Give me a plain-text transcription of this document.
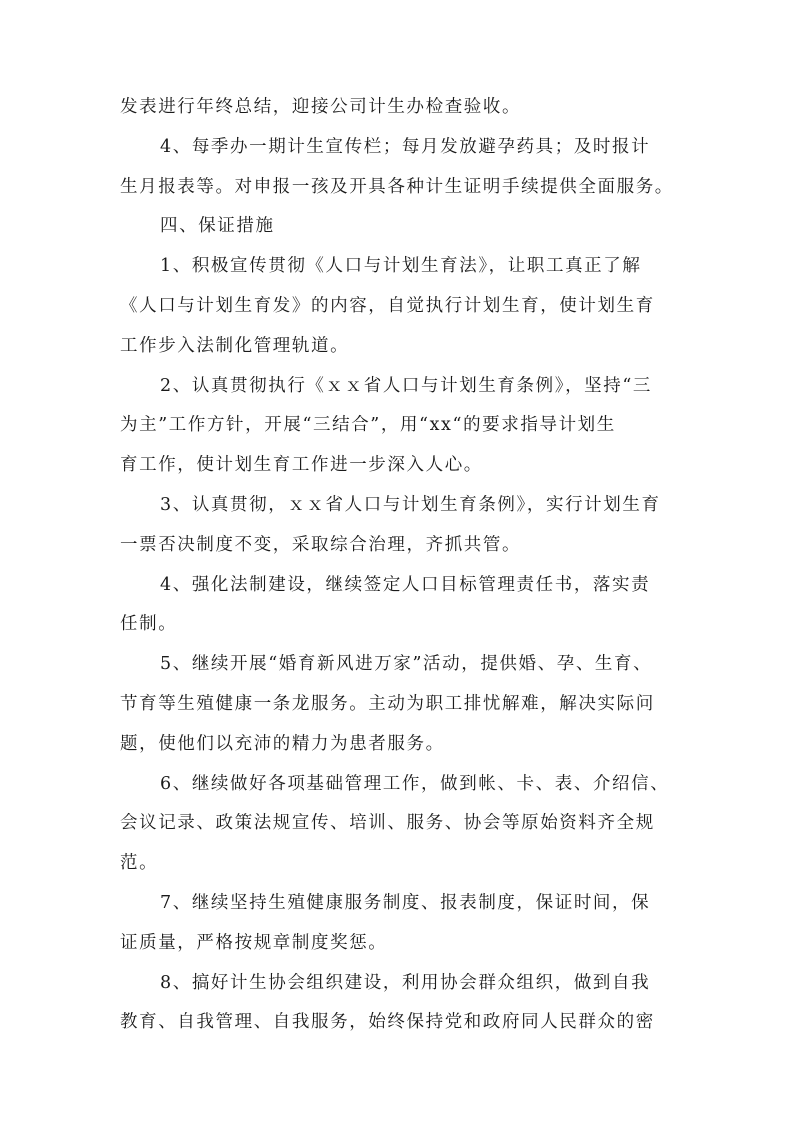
发表进行年终总结，迎接公司计生办检查验收。
4、每季办一期计生宣传栏；每月发放避孕药具；及时报计
生月报表等。对申报一孩及开具各种计生证明手续提供全面服务。
四、保证措施
1、积极宣传贯彻《人口与计划生育法》，让职工真正了解
《人口与计划生育发》的内容，自觉执行计划生育，使计划生育
工作步入法制化管理轨道。
2、认真贯彻执行《ｘｘ省人口与计划生育条例》，坚持“三
为主”工作方针，开展“三结合”，用“xx“的要求指导计划生
育工作，使计划生育工作进一步深入人心。
3、认真贯彻，ｘｘ省人口与计划生育条例》，实行计划生育
一票否决制度不变，采取综合治理，齐抓共管。
4、强化法制建设，继续签定人口目标管理责任书，落实责
任制。
5、继续开展“婚育新风进万家”活动，提供婚、孕、生育、
节育等生殖健康一条龙服务。主动为职工排忧解难，解决实际问
题，使他们以充沛的精力为患者服务。
6、继续做好各项基础管理工作，做到帐、卡、表、介绍信、
会议记录、政策法规宣传、培训、服务、协会等原始资料齐全规
范。
7、继续坚持生殖健康服务制度、报表制度，保证时间，保
证质量，严格按规章制度奖惩。
8、搞好计生协会组织建设，利用协会群众组织，做到自我
教育、自我管理、自我服务，始终保持党和政府同人民群众的密
